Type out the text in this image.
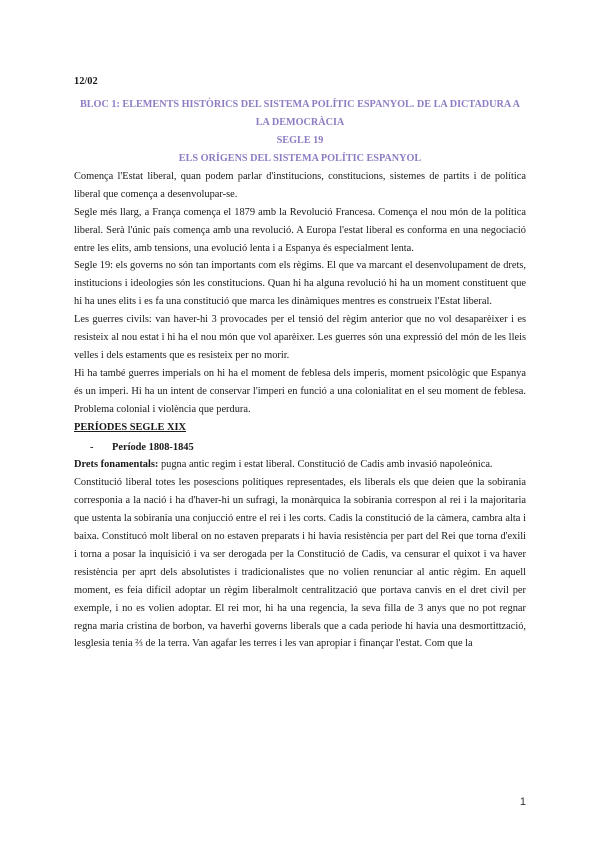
12/02
BLOC 1: ELEMENTS HISTÒRICS DEL SISTEMA POLÍTIC ESPANYOL. DE LA DICTADURA A LA DEMOCRÀCIA
SEGLE 19
ELS ORÍGENS DEL SISTEMA POLÍTIC ESPANYOL

Comença l'Estat liberal, quan podem parlar d'institucions, constitucions, sistemes de partits i de política liberal que comença a desenvolupar-se.

Segle més llarg, a França comença el 1879 amb la Revolució Francesa. Comença el nou món de la política liberal. Serà l'únic país comença amb una revolució. A Europa l'estat liberal es conforma en una negociació entre les elits, amb tensions, una evolució lenta i a Espanya és especialment lenta.

Segle 19: els governs no són tan importants com els règims. El que va marcant el desenvolupament de drets, institucions i ideologies són les constitucions. Quan hi ha alguna revolució hi ha un moment constituent que hi ha unes elits i es fa una constitució que marca les dinàmiques mentres es construeix l'Estat liberal.

Les guerres civils: van haver-hi 3 provocades per el tensió del règim anterior que no vol desaparèixer i es resisteix al nou estat i hi ha el nou món que vol aparèixer. Les guerres són una expressió del món de les lleis velles i dels estaments que es resisteix per no morir.

Hi ha també guerres imperials on hi ha el moment de feblesa dels imperis, moment psicològic que Espanya és un imperi. Hi ha un intent de conservar l'imperi en funció a una colonialitat en el seu moment de feblesa. Problema colonial i violència que perdura.

PERÍODES SEGLE XIX

- Període 1808-1845

Drets fonamentals: pugna antic regim i estat liberal. Constitució de Cadis amb invasió napoleónica.

Constitució liberal totes les posescions polítiques representades, els liberals els que deien que la sobirania corresponia a la nació i ha d'haver-hi un sufragi, la monàrquica la sobirania correspon al rei i la majoritaria que ustenta la sobirania una conjucció entre el rei i les corts. Cadis la constitució de la càmera, cambra alta i baixa. Constitucó molt liberal on no estaven preparats i hi havia resistència per part del Rei que torna d'exili i torna a posar la inquisició i va ser derogada per la Constitució de Cadis, va censurar el quixot i va haver resistència per aprt dels absolutistes i tradicionalistes que no volien renunciar al antic règim. En aquell moment, es feia difícil adoptar un règim liberalmolt centralització que portava canvis en el dret civil per exemple, i no es volien adoptar. El rei mor, hi ha una regencia, la seva filla de 3 anys que no pot regnar regna maria cristina de borbon, va haverhi governs liberals que a cada periode hi havia una desmortittzació, lesglesia tenia ⅔ de la terra. Van agafar les terres i les van apropiar i finançar l'estat. Com que la

1
